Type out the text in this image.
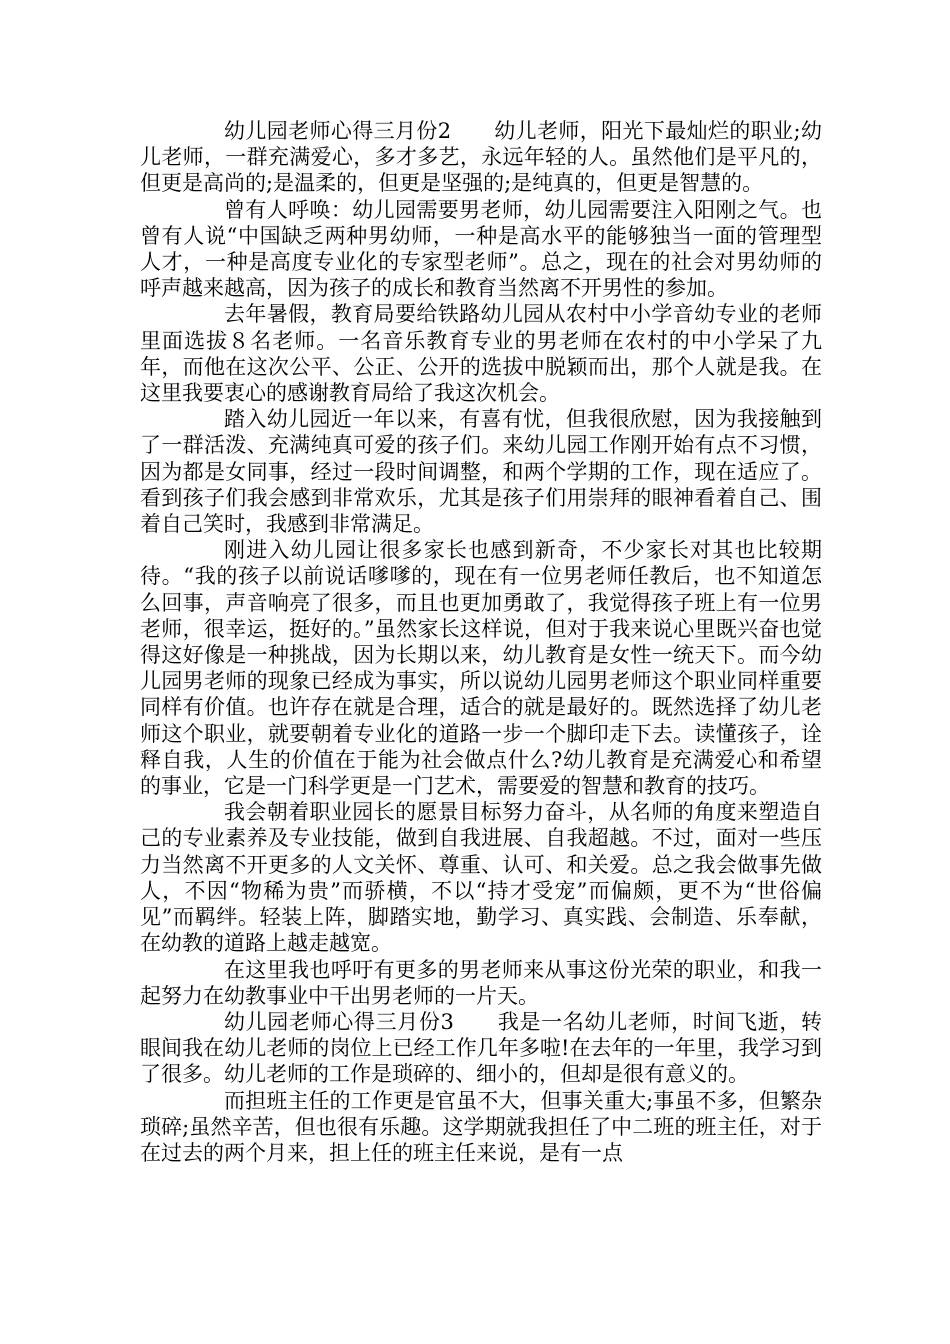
幼儿园老师心得三月份2　　幼儿老师，阳光下最灿烂的职业;幼儿老师，一群充满爱心，多才多艺，永远年轻的人。虽然他们是平凡的，但更是高尚的;是温柔的，但更是坚强的;是纯真的，但更是智慧的。

曾有人呼唤：幼儿园需要男老师，幼儿园需要注入阳刚之气。也曾有人说“中国缺乏两种男幼师，一种是高水平的能够独当一面的管理型人才，一种是高度专业化的专家型老师”。总之，现在的社会对男幼师的呼声越来越高，因为孩子的成长和教育当然离不开男性的参加。

去年暑假，教育局要给铁路幼儿园从农村中小学音幼专业的老师里面选拔８名老师。一名音乐教育专业的男老师在农村的中小学呆了九年，而他在这次公平、公正、公开的选拔中脱颖而出，那个人就是我。在这里我要衷心的感谢教育局给了我这次机会。

踏入幼儿园近一年以来，有喜有忧，但我很欣慰，因为我接触到了一群活泼、充满纯真可爱的孩子们。来幼儿园工作刚开始有点不习惯，因为都是女同事，经过一段时间调整，和两个学期的工作，现在适应了。看到孩子们我会感到非常欢乐，尤其是孩子们用崇拜的眼神看着自己、围着自己笑时，我感到非常满足。

刚进入幼儿园让很多家长也感到新奇，不少家长对其也比较期待。“我的孩子以前说话嗲嗲的，现在有一位男老师任教后，也不知道怎么回事，声音响亮了很多，而且也更加勇敢了，我觉得孩子班上有一位男老师，很幸运，挺好的。”虽然家长这样说，但对于我来说心里既兴奋也觉得这好像是一种挑战，因为长期以来，幼儿教育是女性一统天下。而今幼儿园男老师的现象已经成为事实，所以说幼儿园男老师这个职业同样重要同样有价值。也许存在就是合理，适合的就是最好的。既然选择了幼儿老师这个职业，就要朝着专业化的道路一步一个脚印走下去。读懂孩子，诠释自我，人生的价值在于能为社会做点什么?幼儿教育是充满爱心和希望的事业，它是一门科学更是一门艺术，需要爱的智慧和教育的技巧。

我会朝着职业园长的愿景目标努力奋斗，从名师的角度来塑造自己的专业素养及专业技能，做到自我进展、自我超越。不过，面对一些压力当然离不开更多的人文关怀、尊重、认可、和关爱。总之我会做事先做人，不因“物稀为贵”而骄横，不以“持才受宠”而偏颇，更不为“世俗偏见”而羁绊。轻装上阵，脚踏实地，勤学习、真实践、会制造、乐奉献，在幼教的道路上越走越宽。

在这里我也呼吁有更多的男老师来从事这份光荣的职业，和我一起努力在幼教事业中干出男老师的一片天。

幼儿园老师心得三月份3　　我是一名幼儿老师，时间飞逝，转眼间我在幼儿老师的岗位上已经工作几年多啦!在去年的一年里，我学习到了很多。幼儿老师的工作是琐碎的、细小的，但却是很有意义的。

而担班主任的工作更是官虽不大，但事关重大;事虽不多，但繁杂琐碎;虽然辛苦，但也很有乐趣。这学期就我担任了中二班的班主任，对于在过去的两个月来，担上任的班主任来说，是有一点
